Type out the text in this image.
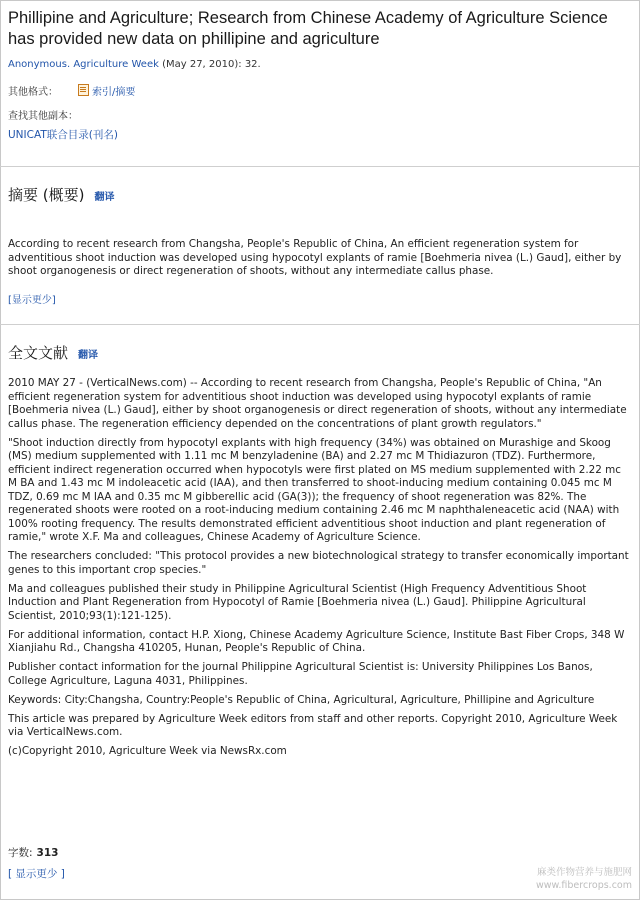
Phillipine and Agriculture; Research from Chinese Academy of Agriculture Science has provided new data on phillipine and agriculture
Anonymous. Agriculture Week (May 27, 2010): 32.
其他格式：	索引/摘要
查找其他副本：
UNICAT联合目录(刊名)
摘要 (概要) 翻译

According to recent research from Changsha, People's Republic of China, An efficient regeneration system for adventitious shoot induction was developed using hypocotyl explants of ramie [Boehmeria nivea (L.) Gaud], either by shoot organogenesis or direct regeneration of shoots, without any intermediate callus phase.

[显示更少]
全文文献 翻译

2010 MAY 27 - (VerticalNews.com) -- According to recent research from Changsha, People's Republic of China, "An efficient regeneration system for adventitious shoot induction was developed using hypocotyl explants of ramie [Boehmeria nivea (L.) Gaud], either by shoot organogenesis or direct regeneration of shoots, without any intermediate callus phase. The regeneration efficiency depended on the concentrations of plant growth regulators."

"Shoot induction directly from hypocotyl explants with high frequency (34%) was obtained on Murashige and Skoog (MS) medium supplemented with 1.11 mc M benzyladenine (BA) and 2.27 mc M Thidiazuron (TDZ). Furthermore, efficient indirect regeneration occurred when hypocotyls were first plated on MS medium supplemented with 2.22 mc M BA and 1.43 mc M indoleacetic acid (IAA), and then transferred to shoot-inducing medium containing 0.045 mc M TDZ, 0.69 mc M IAA and 0.35 mc M gibberellic acid (GA(3)); the frequency of shoot regeneration was 82%. The regenerated shoots were rooted on a root-inducing medium containing 2.46 mc M naphthaleneacetic acid (NAA) with 100% rooting frequency. The results demonstrated efficient adventitious shoot induction and plant regeneration of ramie," wrote X.F. Ma and colleagues, Chinese Academy of Agriculture Science.

The researchers concluded: "This protocol provides a new biotechnological strategy to transfer economically important genes to this important crop species."

Ma and colleagues published their study in Philippine Agricultural Scientist (High Frequency Adventitious Shoot Induction and Plant Regeneration from Hypocotyl of Ramie [Boehmeria nivea (L.) Gaud]. Philippine Agricultural Scientist, 2010;93(1):121-125).

For additional information, contact H.P. Xiong, Chinese Academy Agriculture Science, Institute Bast Fiber Crops, 348 W Xianjiahu Rd., Changsha 410205, Hunan, People's Republic of China.

Publisher contact information for the journal Philippine Agricultural Scientist is: University Philippines Los Banos, College Agriculture, Laguna 4031, Philippines.

Keywords: City:Changsha, Country:People's Republic of China, Agricultural, Agriculture, Phillipine and Agriculture

This article was prepared by Agriculture Week editors from staff and other reports. Copyright 2010, Agriculture Week via VerticalNews.com.

(c)Copyright 2010, Agriculture Week via NewsRx.com

字数: 313
[ 显示更少 ]	麻类作物营养与施肥网
www.fibercrops.com
